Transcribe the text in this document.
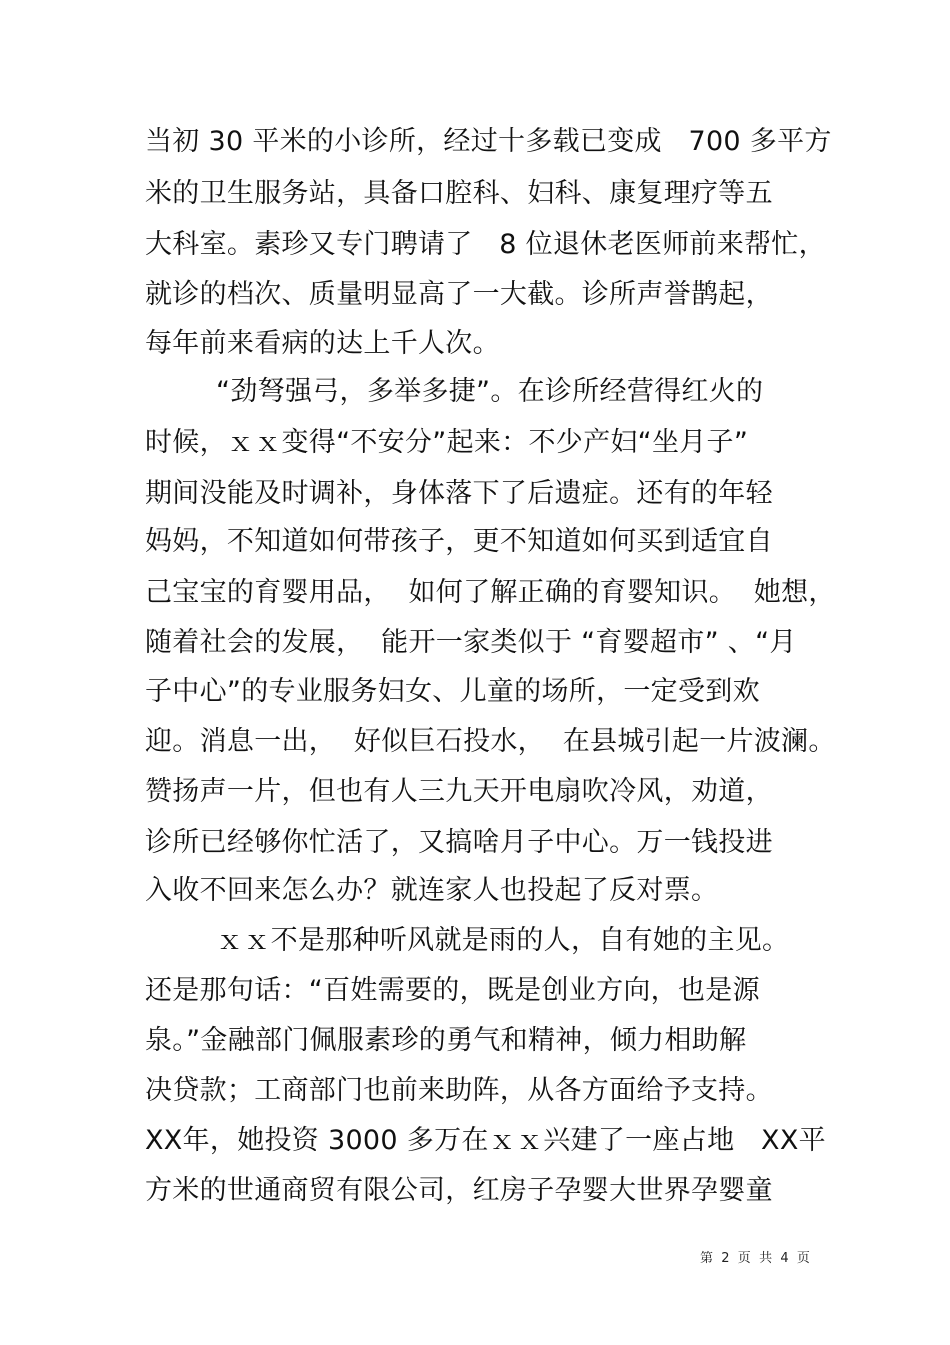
当初 30 平米的小诊所，经过十多载已变成   700 多平方
米的卫生服务站，具备口腔科、妇科、康复理疗等五
大科室。素珍又专门聘请了   8 位退休老医师前来帮忙，
就诊的档次、质量明显高了一大截。诊所声誉鹊起，
每年前来看病的达上千人次。
“劲弩强弓，多举多捷”。在诊所经营得红火的
时候，ｘｘ变得“不安分”起来：不少产妇“坐月子”
期间没能及时调补，身体落下了后遗症。还有的年轻
妈妈，不知道如何带孩子，更不知道如何买到适宜自
己宝宝的育婴用品，  如何了解正确的育婴知识。  她想，
随着社会的发展，  能开一家类似于 “育婴超市” 、“月
子中心”的专业服务妇女、儿童的场所，一定受到欢
迎。消息一出，  好似巨石投水，  在县城引起一片波澜。
赞扬声一片，但也有人三九天开电扇吹冷风，劝道，
诊所已经够你忙活了，又搞啥月子中心。万一钱投进
入收不回来怎么办？就连家人也投起了反对票。
ｘｘ不是那种听风就是雨的人，自有她的主见。
还是那句话：“百姓需要的，既是创业方向，也是源
泉。”金融部门佩服素珍的勇气和精神，倾力相助解
决贷款；工商部门也前来助阵，从各方面给予支持。
XX年，她投资 3000 多万在ｘｘ兴建了一座占地   XX平
方米的世通商贸有限公司，红房子孕婴大世界孕婴童
第  2  页  共  4  页
